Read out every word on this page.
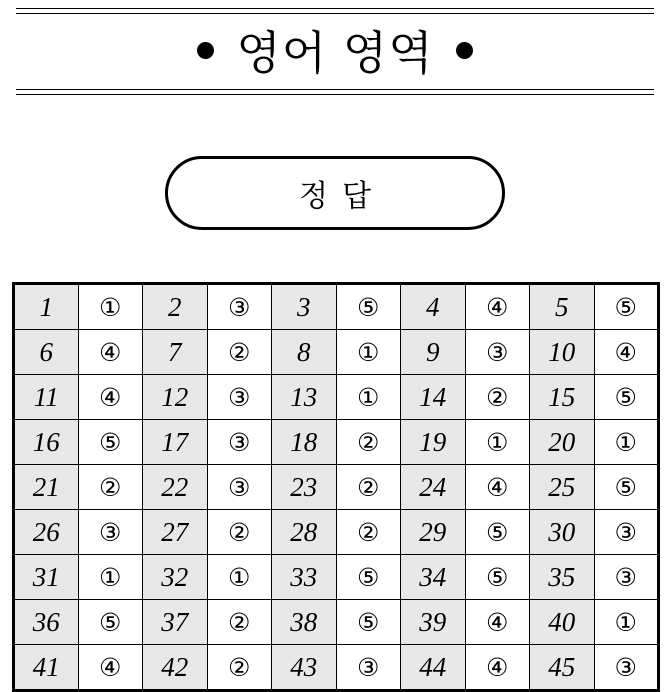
영어 영역
정답
1	①	2	③	3	⑤	4	④	5	⑤
6	④	7	②	8	①	9	③	10	④
11	④	12	③	13	①	14	②	15	⑤
16	⑤	17	③	18	②	19	①	20	①
21	②	22	③	23	②	24	④	25	⑤
26	③	27	②	28	②	29	⑤	30	③
31	①	32	①	33	⑤	34	⑤	35	③
36	⑤	37	②	38	⑤	39	④	40	①
41	④	42	②	43	③	44	④	45	③
